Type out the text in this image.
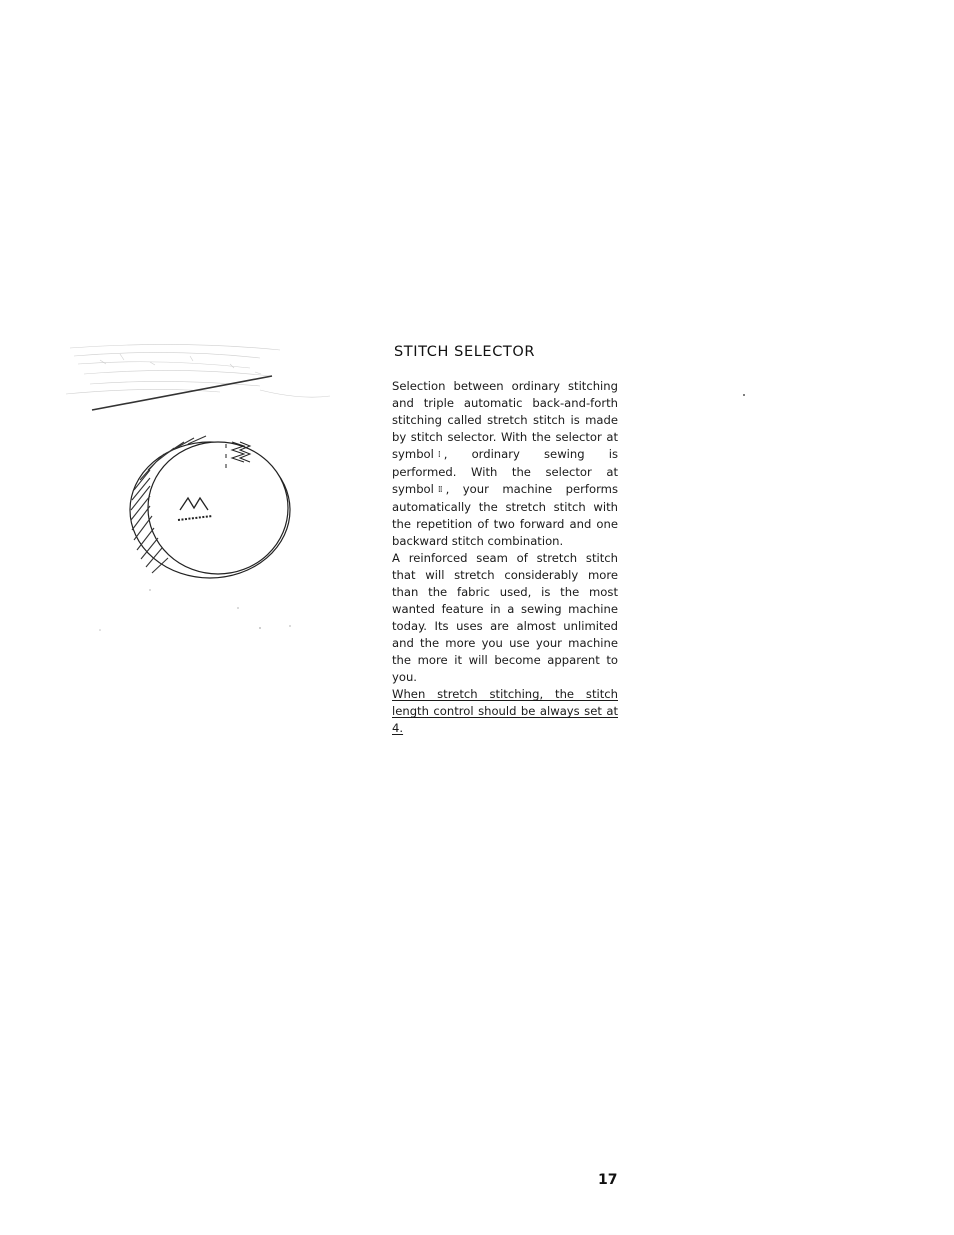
STITCH SELECTOR

Selection between ordinary stitching and triple automatic back-and-forth stitching called stretch stitch is made by stitch selector. With the selector at symbol ⁞ , ordinary sewing is performed. With the selector at symbol ⁞⁞ , your machine performs automatically the stretch stitch with the repetition of two forward and one backward stitch combination.

A reinforced seam of stretch stitch that will stretch considerably more than the fabric used, is the most wanted feature in a sewing machine today. Its uses are almost unlimited and the more you use your machine the more it will become apparent to you.

When stretch stitching, the stitch length control should be always set at 4.

17
